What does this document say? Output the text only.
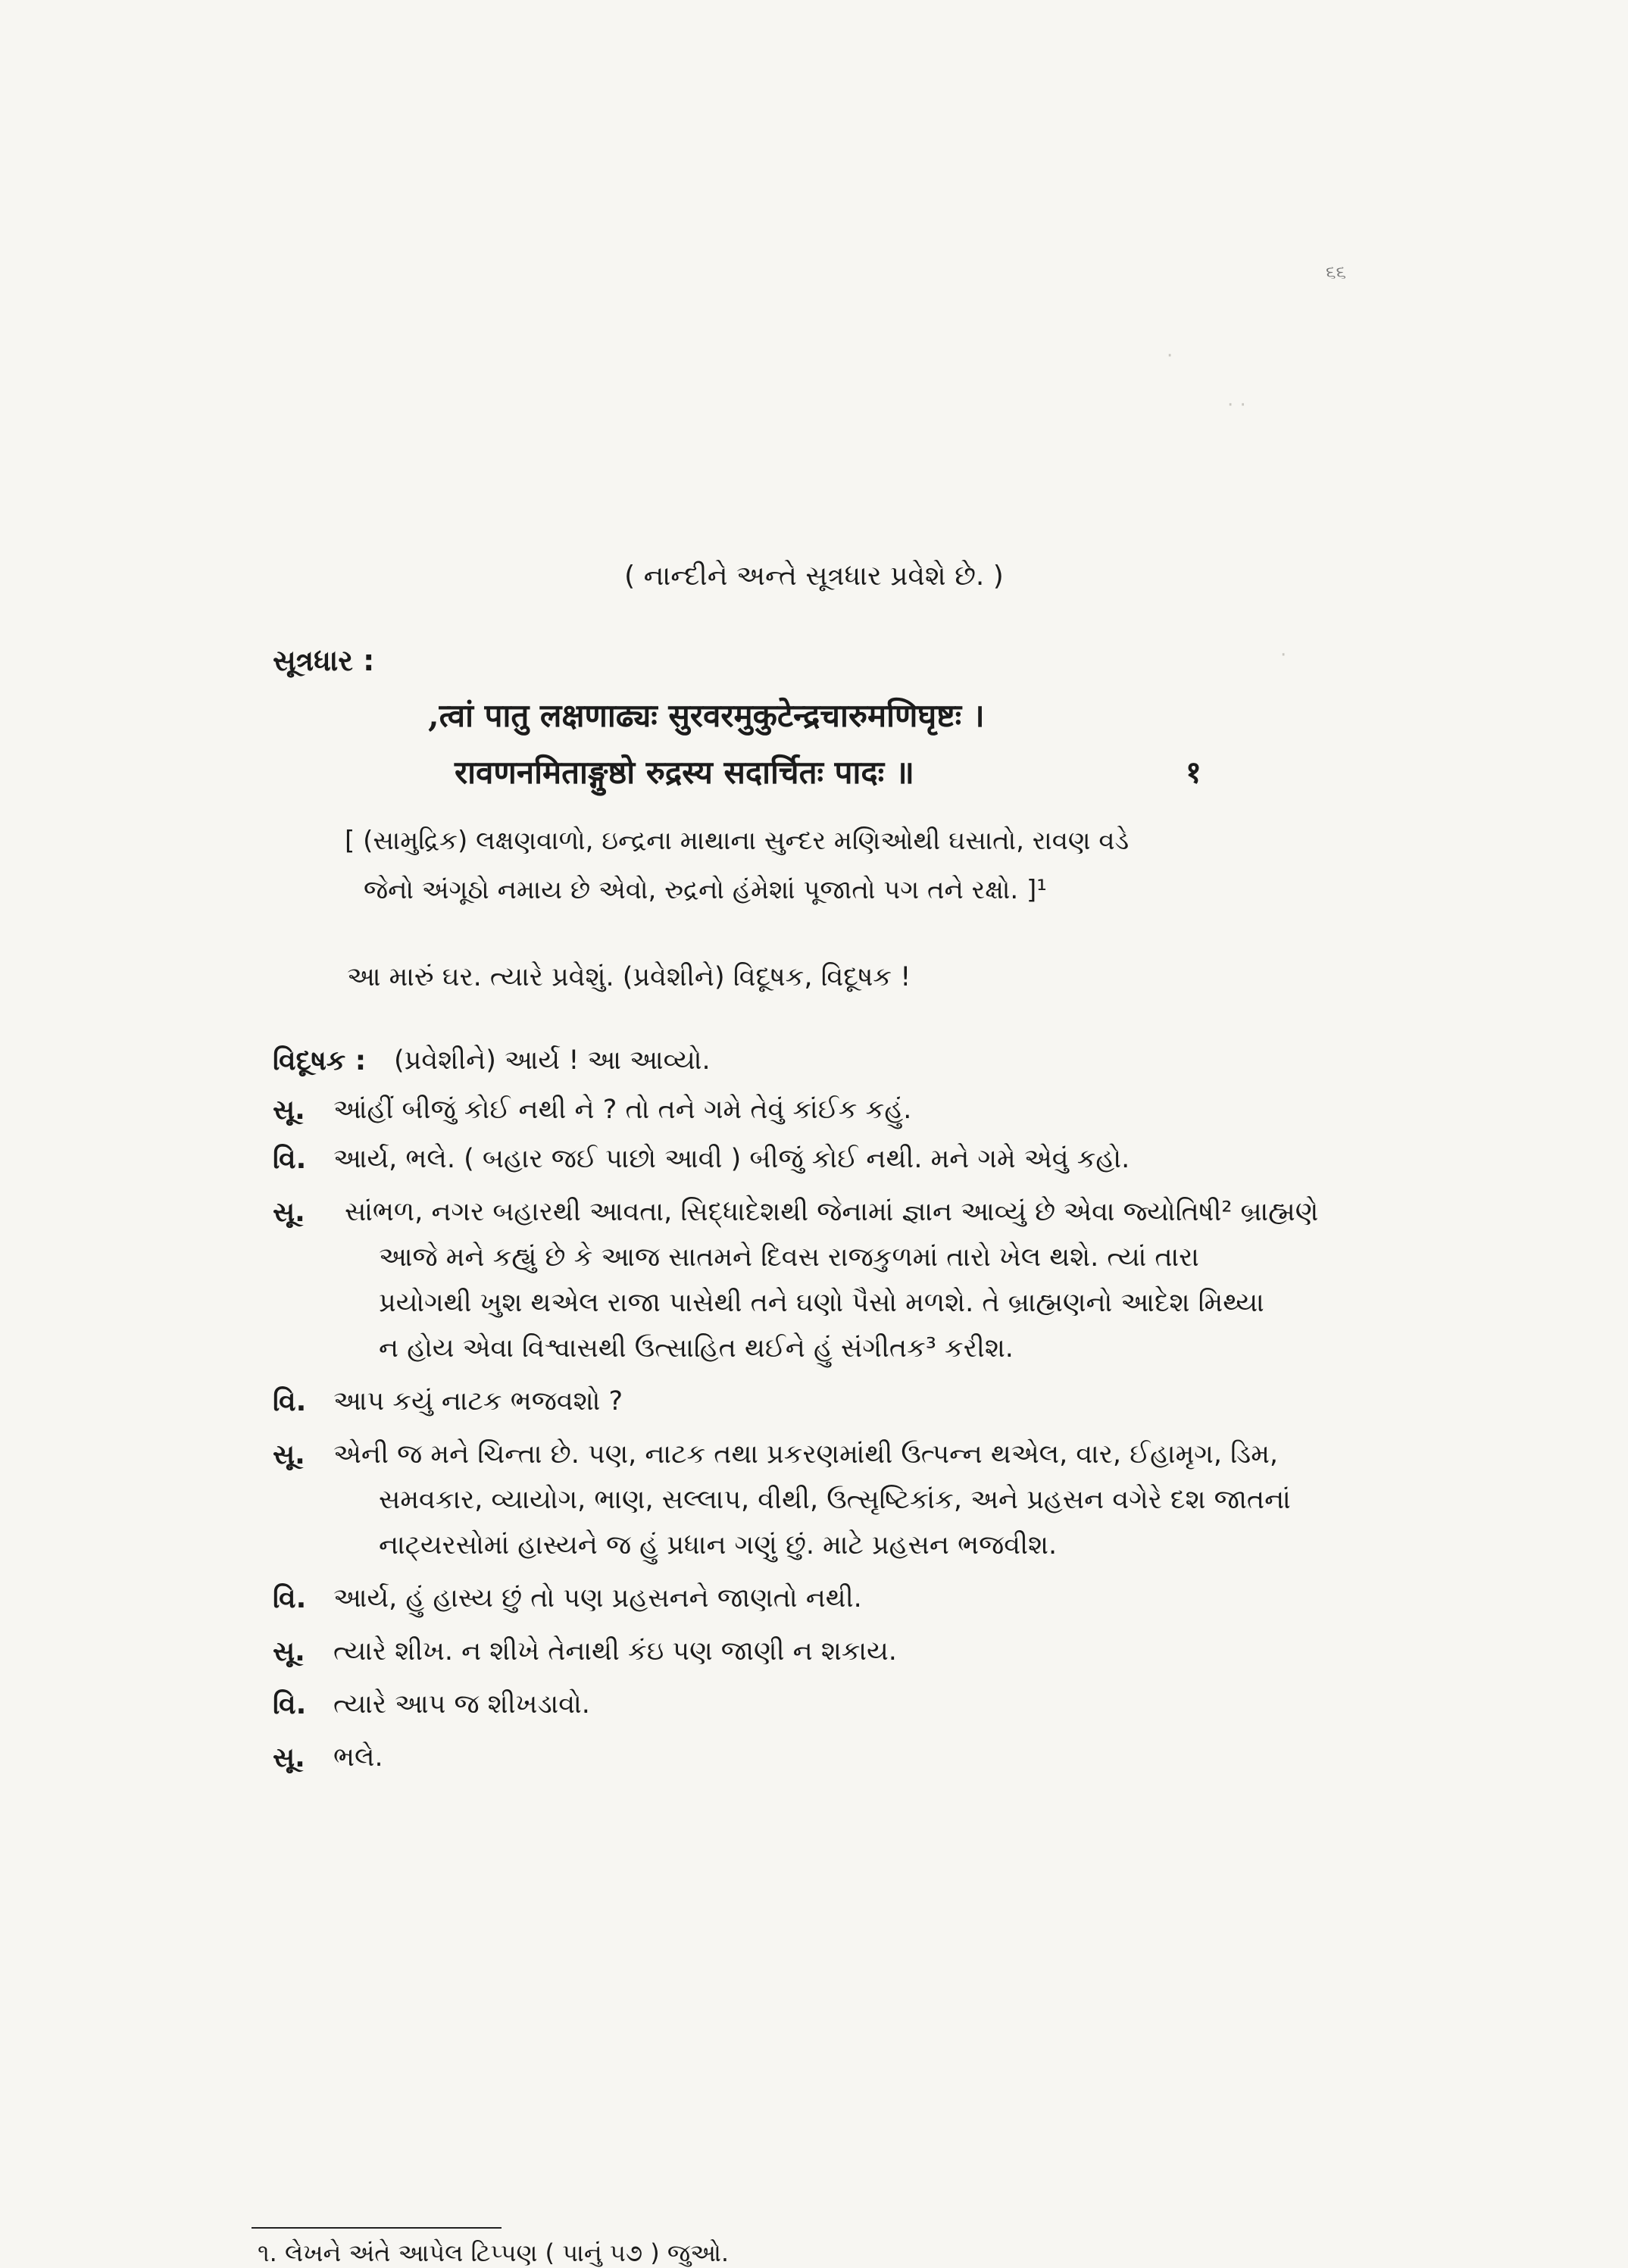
૬૬
·
· ·
·
( નાન્દીને અન્તે સૂત્રધાર પ્રવેશે છે. )
સૂત્રધાર :
,त्वां पातु लक्षणाढ्यः सुरवरमुकुटेन्द्रचारुमणिघृष्टः ।
रावणनमिताङ्गुष्ठो रुद्रस्य सदार्चितः पादः ॥	१
[ (સામુદ્રિક) લક્ષણવાળો, ઇન્દ્રના માથાના સુન્દર મણિઓથી ઘસાતો, રાવણ વડે
જેનો અંગૂઠો નમાય છે એવો, રુદ્રનો હંમેશાં પૂજાતો પગ તને રક્ષો. ]¹
આ મારું ઘર. ત્યારે પ્રવેશું. (પ્રવેશીને) વિદૂષક, વિદૂષક !
વિદૂષક : (પ્રવેશીને) આર્ય ! આ આવ્યો.
સૂ. આંહીં બીજું કોઈ નથી ને ? તો તને ગમે તેવું કાંઈક કહું.
વિ. આર્ય, ભલે. ( બહાર જઈ પાછો આવી ) બીજું કોઈ નથી. મને ગમે એવું કહો.
સૂ. સાંભળ, નગર બહારથી આવતા, સિદ્ધાદેશથી જેનામાં જ્ઞાન આવ્યું છે એવા જ્યોતિષી² બ્રાહ્મણે
આજે મને કહ્યું છે કે આજ સાતમને દિવસ રાજકુળમાં તારો ખેલ થશે. ત્યાં તારા
પ્રયોગથી ખુશ થએલ રાજા પાસેથી તને ઘણો પૈસો મળશે. તે બ્રાહ્મણનો આદેશ મિથ્યા
ન હોય એવા વિશ્વાસથી ઉત્સાહિત થઈને હું સંગીતક³ કરીશ.
વિ. આપ કયું નાટક ભજવશો ?
સૂ. એની જ મને ચિન્તા છે. પણ, નાટક તથા પ્રકરણમાંથી ઉત્પન્ન થએલ, વાર, ઈહામૃગ, ડિમ,
સમવકાર, વ્યાયોગ, ભાણ, સલ્લાપ, વીથી, ઉત્સૃષ્ટિકાંક, અને પ્રહસન વગેરે દશ જાતનાં
નાટ્યરસોમાં હાસ્યને જ હું પ્રધાન ગણું છું. માટે પ્રહસન ભજવીશ.
વિ. આર્ય, હું હાસ્ય છું તો પણ પ્રહસનને જાણતો નથી.
સૂ. ત્યારે શીખ. ન શીખે તેનાથી કંઇ પણ જાણી ન શકાય.
વિ. ત્યારે આપ જ શીખડાવો.
સૂ. ભલે.
૧. લેખને અંતે આપેલ ટિપ્પણ ( પાનું ૫૭ ) જુઓ.
